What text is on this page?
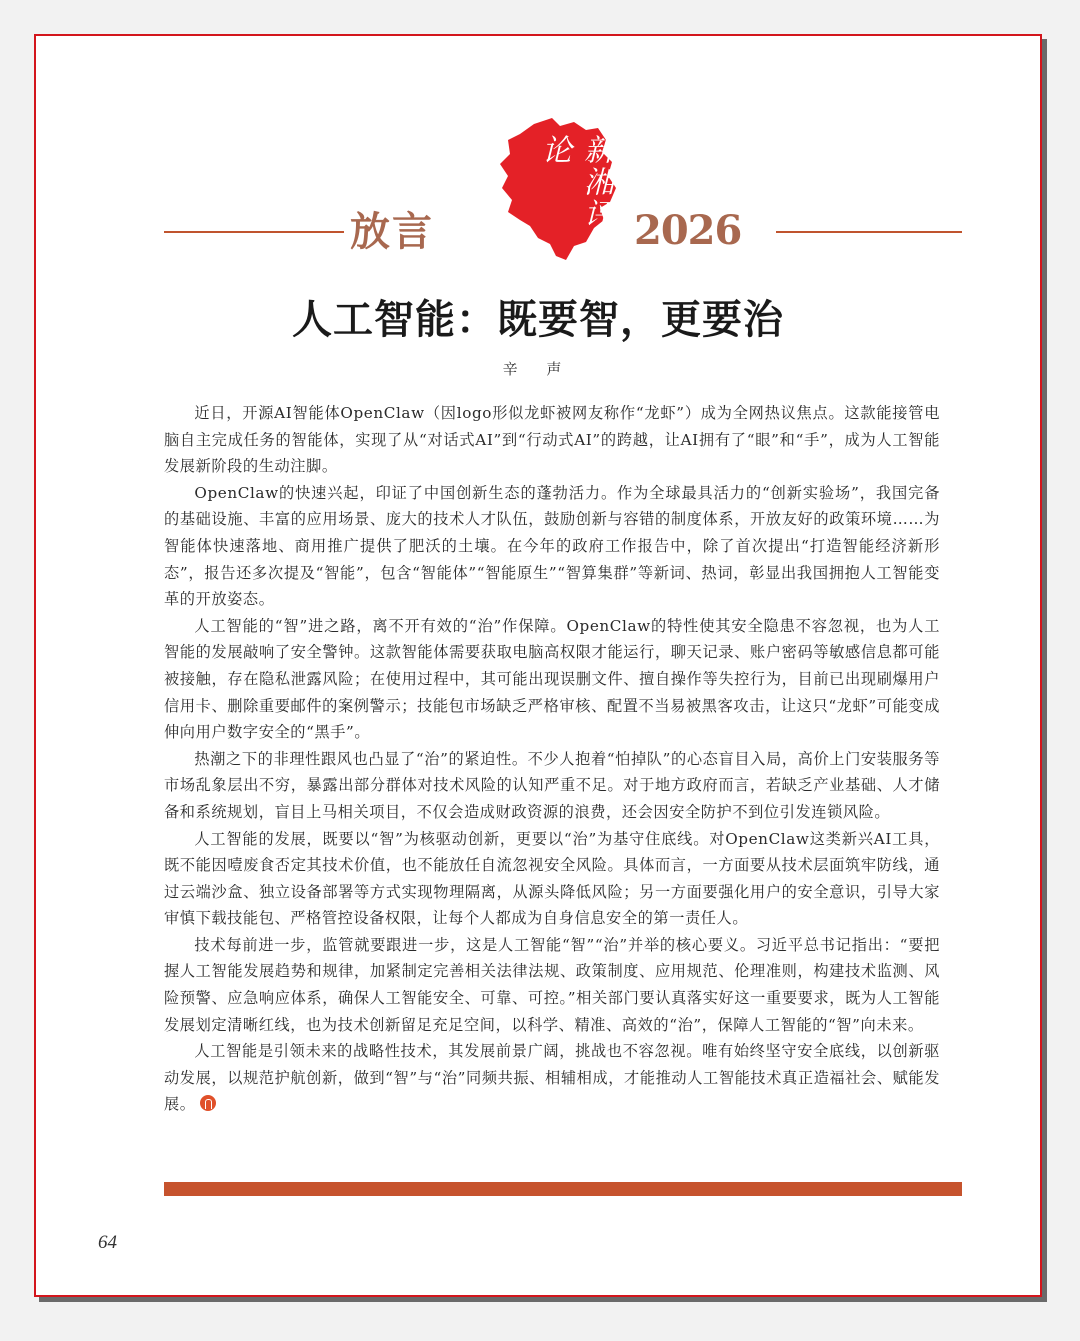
放言
新湘评论
2026
人工智能：既要智，更要治
辛 声

近日，开源AI智能体OpenClaw（因logo形似龙虾被网友称作“龙虾”）成为全网热议焦点。这款能接管电脑自主完成任务的智能体，实现了从“对话式AI”到“行动式AI”的跨越，让AI拥有了“眼”和“手”，成为人工智能发展新阶段的生动注脚。

OpenClaw的快速兴起，印证了中国创新生态的蓬勃活力。作为全球最具活力的“创新实验场”，我国完备的基础设施、丰富的应用场景、庞大的技术人才队伍，鼓励创新与容错的制度体系，开放友好的政策环境……为智能体快速落地、商用推广提供了肥沃的土壤。在今年的政府工作报告中，除了首次提出“打造智能经济新形态”，报告还多次提及“智能”，包含“智能体”“智能原生”“智算集群”等新词、热词，彰显出我国拥抱人工智能变革的开放姿态。

人工智能的“智”进之路，离不开有效的“治”作保障。OpenClaw的特性使其安全隐患不容忽视，也为人工智能的发展敲响了安全警钟。这款智能体需要获取电脑高权限才能运行，聊天记录、账户密码等敏感信息都可能被接触，存在隐私泄露风险；在使用过程中，其可能出现误删文件、擅自操作等失控行为，目前已出现刷爆用户信用卡、删除重要邮件的案例警示；技能包市场缺乏严格审核、配置不当易被黑客攻击，让这只“龙虾”可能变成伸向用户数字安全的“黑手”。

热潮之下的非理性跟风也凸显了“治”的紧迫性。不少人抱着“怕掉队”的心态盲目入局，高价上门安装服务等市场乱象层出不穷，暴露出部分群体对技术风险的认知严重不足。对于地方政府而言，若缺乏产业基础、人才储备和系统规划，盲目上马相关项目，不仅会造成财政资源的浪费，还会因安全防护不到位引发连锁风险。

人工智能的发展，既要以“智”为核驱动创新，更要以“治”为基守住底线。对OpenClaw这类新兴AI工具，既不能因噎废食否定其技术价值，也不能放任自流忽视安全风险。具体而言，一方面要从技术层面筑牢防线，通过云端沙盒、独立设备部署等方式实现物理隔离，从源头降低风险；另一方面要强化用户的安全意识，引导大家审慎下载技能包、严格管控设备权限，让每个人都成为自身信息安全的第一责任人。

技术每前进一步，监管就要跟进一步，这是人工智能“智”“治”并举的核心要义。习近平总书记指出：“要把握人工智能发展趋势和规律，加紧制定完善相关法律法规、政策制度、应用规范、伦理准则，构建技术监测、风险预警、应急响应体系，确保人工智能安全、可靠、可控。”相关部门要认真落实好这一重要要求，既为人工智能发展划定清晰红线，也为技术创新留足充足空间，以科学、精准、高效的“治”，保障人工智能的“智”向未来。

人工智能是引领未来的战略性技术，其发展前景广阔，挑战也不容忽视。唯有始终坚守安全底线，以创新驱动发展，以规范护航创新，做到“智”与“治”同频共振、相辅相成，才能推动人工智能技术真正造福社会、赋能发展。

64
